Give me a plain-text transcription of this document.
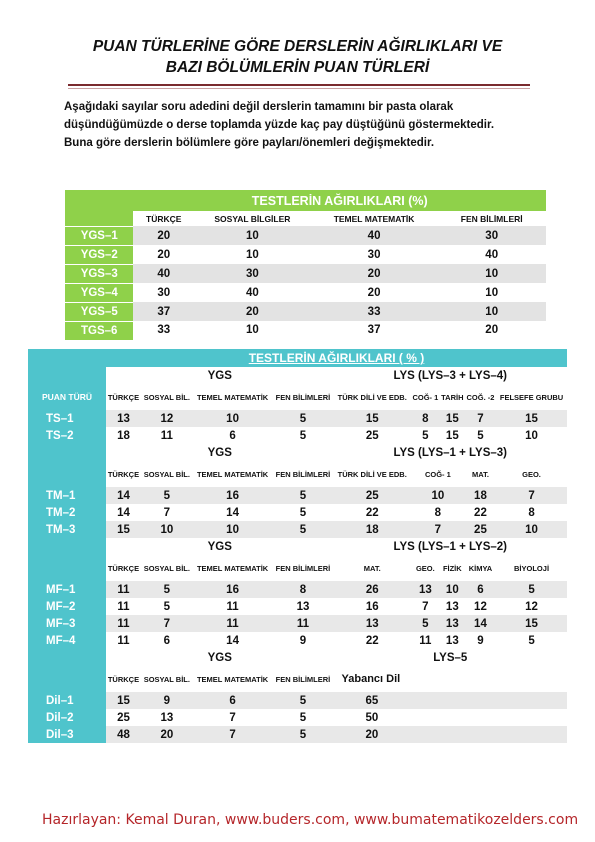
PUAN TÜRLERİNE GÖRE DERSLERİN AĞIRLIKLARI VE
BAZI BÖLÜMLERİN PUAN TÜRLERİ
Aşağıdaki sayılar soru adedini değil derslerin tamamını bir pasta olarak düşündüğümüzde o derse toplamda yüzde kaç pay düştüğünü göstermektedir. Buna göre derslerin bölümlere göre payları/önemleri değişmektedir.
	TESTLERİN AĞIRLIKLARI (%)			
	TÜRKÇE	SOSYAL BİLGİLER	TEMEL MATEMATİK	FEN BİLİMLERİ
YGS–1	20	10	40	30
YGS–2	20	10	30	40
YGS–3	40	30	20	10
YGS–4	30	40	20	10
YGS–5	37	20	33	10
TGS–6	33	10	37	20
	TESTLERİN AĞIRLIKLARI ( % )								
	YGS				LYS (LYS–3 + LYS–4)				
PUAN TÜRÜ	TÜRKÇE	SOSYAL BİL.	TEMEL MATEMATİK	FEN BİLİMLERİ	TÜRK DİLİ VE EDB.	COĞ- 1	TARİH	COĞ. -2	FELSEFE GRUBU
TS–1	13	12	10	5	15	8	15	7	15
TS–2	18	11	6	5	25	5	15	5	10
	YGS				LYS (LYS–1 + LYS–3)				
	TÜRKÇE	SOSYAL BİL.	TEMEL MATEMATİK	FEN BİLİMLERİ	TÜRK DİLİ VE EDB.	COĞ- 1		MAT.	GEO.
TM–1	14	5	16	5	25	10		18	7
TM–2	14	7	14	5	22	8		22	8
TM–3	15	10	10	5	18	7		25	10
	YGS				LYS (LYS–1 + LYS–2)				
	TÜRKÇE	SOSYAL BİL.	TEMEL MATEMATİK	FEN BİLİMLERİ	MAT.	GEO.	FİZİK	KİMYA	BİYOLOJİ
MF–1	11	5	16	8	26	13	10	6	5
MF–2	11	5	11	13	16	7	13	12	12
MF–3	11	7	11	11	13	5	13	14	15
MF–4	11	6	14	9	22	11	13	9	5
	YGS				LYS–5				
	TÜRKÇE	SOSYAL BİL.	TEMEL MATEMATİK	FEN BİLİMLERİ	Yabancı Dil				
Dil–1	15	9	6	5	65				
Dil–2	25	13	7	5	50				
Dil–3	48	20	7	5	20				
Hazırlayan: Kemal Duran, www.buders.com, www.bumatematikozelders.com
